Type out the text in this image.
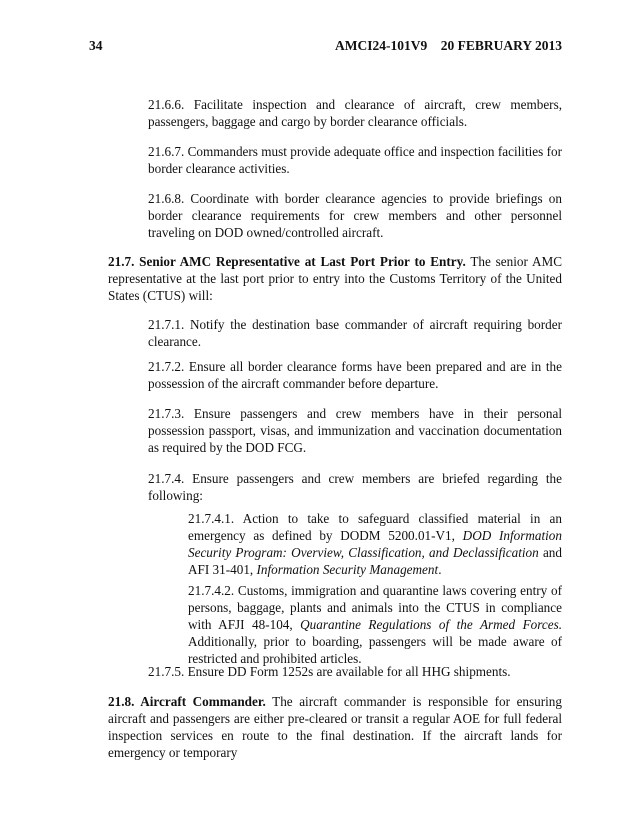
34	AMCI24-101V9    20 FEBRUARY 2013
21.6.6. Facilitate inspection and clearance of aircraft, crew members, passengers, baggage and cargo by border clearance officials.
21.6.7. Commanders must provide adequate office and inspection facilities for border clearance activities.
21.6.8. Coordinate with border clearance agencies to provide briefings on border clearance requirements for crew members and other personnel traveling on DOD owned/controlled aircraft.
21.7. Senior AMC Representative at Last Port Prior to Entry. The senior AMC representative at the last port prior to entry into the Customs Territory of the United States (CTUS) will:
21.7.1. Notify the destination base commander of aircraft requiring border clearance.
21.7.2. Ensure all border clearance forms have been prepared and are in the possession of the aircraft commander before departure.
21.7.3. Ensure passengers and crew members have in their personal possession passport, visas, and immunization and vaccination documentation as required by the DOD FCG.
21.7.4. Ensure passengers and crew members are briefed regarding the following:
21.7.4.1. Action to take to safeguard classified material in an emergency as defined by DODM 5200.01-V1, DOD Information Security Program: Overview, Classification, and Declassification and AFI 31-401, Information Security Management.
21.7.4.2. Customs, immigration and quarantine laws covering entry of persons, baggage, plants and animals into the CTUS in compliance with AFJI 48-104, Quarantine Regulations of the Armed Forces. Additionally, prior to boarding, passengers will be made aware of restricted and prohibited articles.
21.7.5. Ensure DD Form 1252s are available for all HHG shipments.
21.8. Aircraft Commander. The aircraft commander is responsible for ensuring aircraft and passengers are either pre-cleared or transit a regular AOE for full federal inspection services en route to the final destination. If the aircraft lands for emergency or temporary
